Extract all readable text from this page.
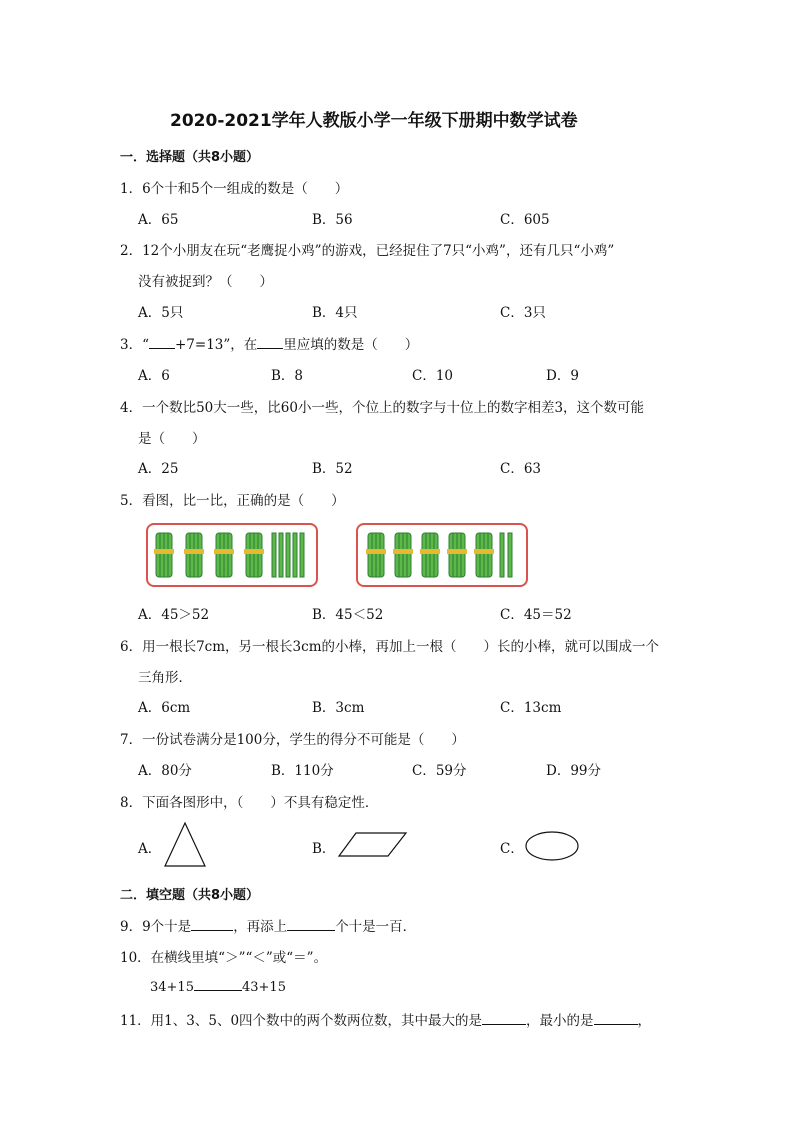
2020-2021学年人教版小学一年级下册期中数学试卷
一．选择题（共8小题）
1．6个十和5个一组成的数是（　　）
A．65	B．56	C．605
2．12个小朋友在玩“老鹰捉小鸡”的游戏，已经捉住了7只“小鸡”，还有几只“小鸡”
没有被捉到？（　　）
A．5只	B．4只	C．3只
3．“ +7=13”，在 里应填的数是（　　）
A．6	B．8	C．10	D．9
4．一个数比50大一些，比60小一些，个位上的数字与十位上的数字相差3，这个数可能
是（　　）
A．25	B．52	C．63
5．看图，比一比，正确的是（　　）
A．45＞52	B．45＜52	C．45＝52
6．用一根长7cm，另一根长3cm的小棒，再加上一根（　　）长的小棒，就可以围成一个
三角形．
A．6cm	B．3cm	C．13cm
7．一份试卷满分是100分，学生的得分不可能是（　　）
A．80分	B．110分	C．59分	D．99分
8．下面各图形中，（　　）不具有稳定性．
A．	B．	C．
二．填空题（共8小题）
9．9个十是	，再添上	个十是一百．
10．在横线里填“＞”“＜”或“＝”。
34+15	43+15
11．用1、3、5、0四个数中的两个数两位数，其中最大的是	，最小的是	，
